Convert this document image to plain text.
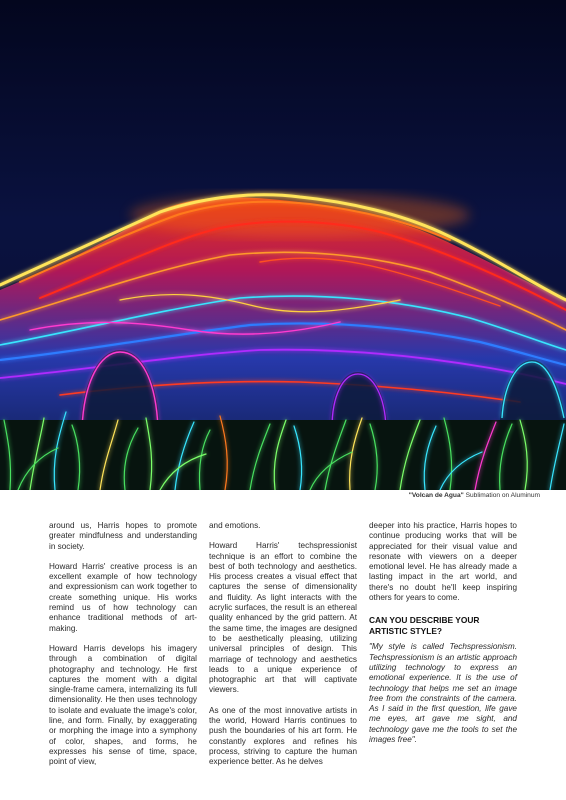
"Volcan de Agua" Sublimation on Aluminum

around us, Harris hopes to promote greater mindfulness and understanding in society.

Howard Harris' creative process is an excellent example of how technology and expressionism can work together to create something unique. His works remind us of how technology can enhance traditional methods of art-making.

Howard Harris develops his imagery through a combination of digital photography and technology. He first captures the moment with a digital single-frame camera, internalizing its full dimensionality. He then uses technology to isolate and evaluate the image's color, line, and form. Finally, by exaggerating or morphing the image into a symphony of color, shapes, and forms, he expresses his sense of time, space, point of view,

and emotions.

Howard Harris' techspressionist technique is an effort to combine the best of both technology and aesthetics. His process creates a visual effect that captures the sense of dimensionality and fluidity. As light interacts with the acrylic surfaces, the result is an ethereal quality enhanced by the grid pattern. At the same time, the images are designed to be aesthetically pleasing, utilizing universal principles of design. This marriage of technology and aesthetics leads to a unique experience of photographic art that will captivate viewers.

As one of the most innovative artists in the world, Howard Harris continues to push the boundaries of his art form. He constantly explores and refines his process, striving to capture the human experience better. As he delves

deeper into his practice, Harris hopes to continue producing works that will be appreciated for their visual value and resonate with viewers on a deeper emotional level. He has already made a lasting impact in the art world, and there's no doubt he'll keep inspiring others for years to come.

CAN YOU DESCRIBE YOUR ARTISTIC STYLE?

"My style is called Techspressionism. Techspressionism is an artistic approach utilizing technology to express an emotional experience. It is the use of technology that helps me set an image free from the constraints of the camera. As I said in the first question, life gave me eyes, art gave me sight, and technology gave me the tools to set the images free".
